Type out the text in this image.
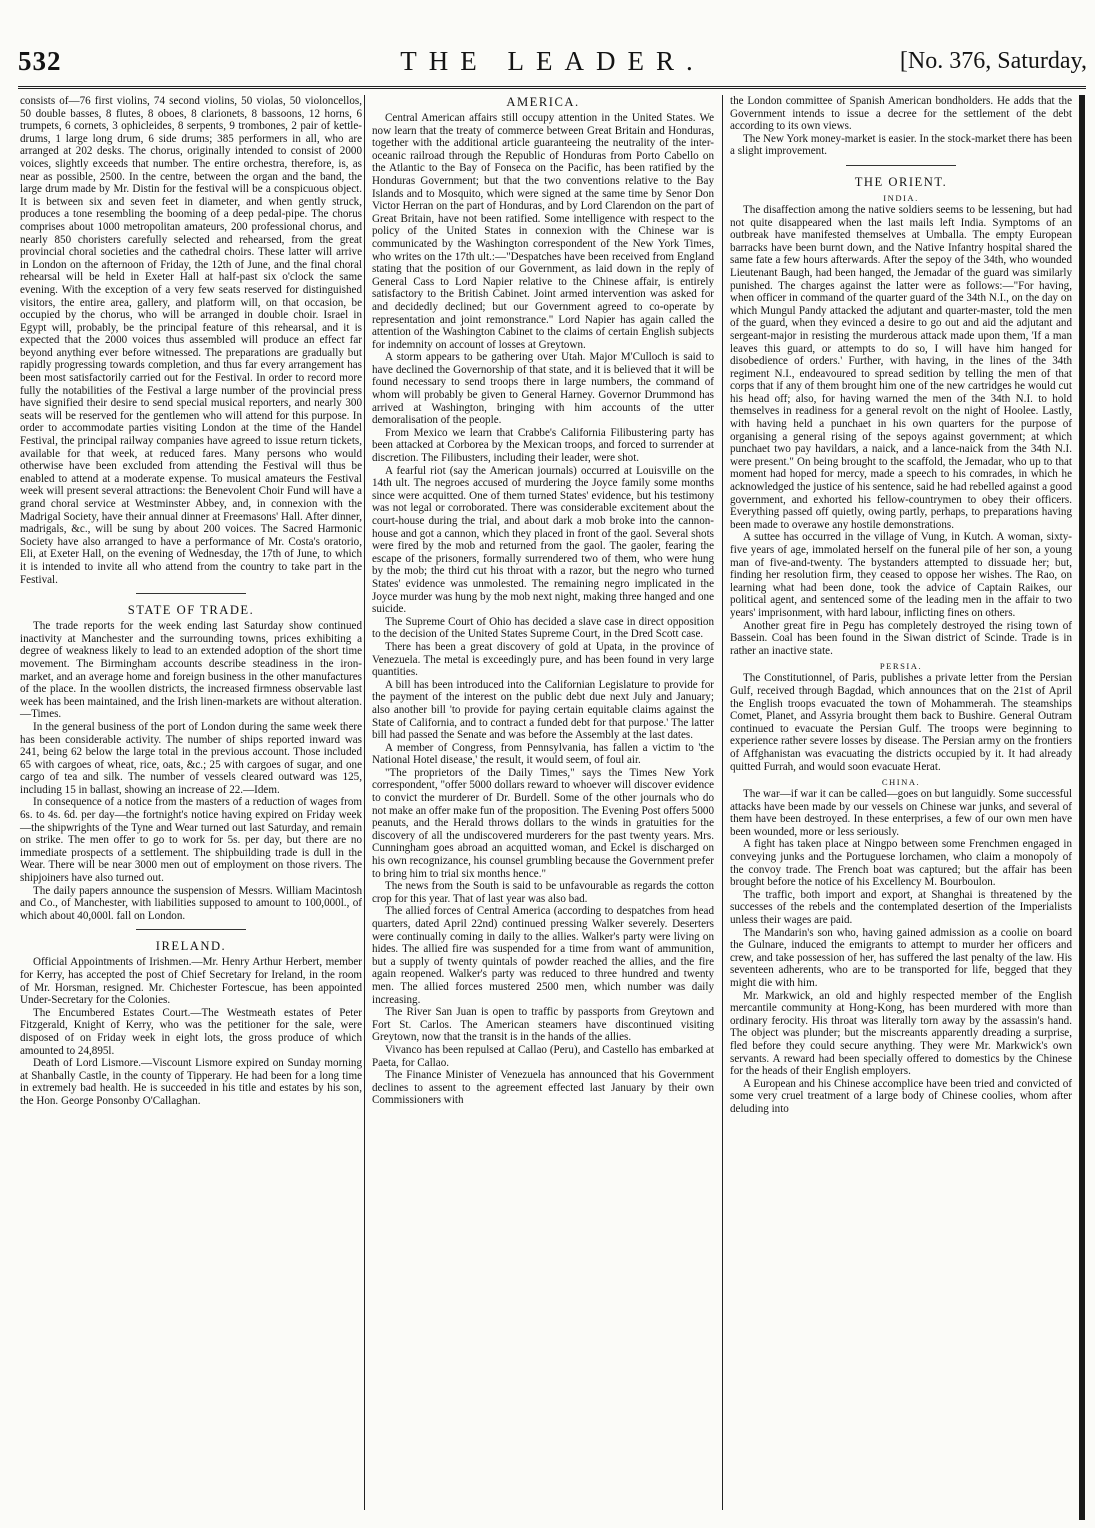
532	THE LEADER.	[No. 376, Saturday,

consists of—76 first violins, 74 second violins, 50 violas, 50 violoncellos, 50 double basses, 8 flutes, 8 oboes, 8 clarionets, 8 bassoons, 12 horns, 6 trumpets, 6 cornets, 3 ophicleides, 8 serpents, 9 trombones, 2 pair of kettle-drums, 1 large long drum, 6 side drums; 385 performers in all, who are arranged at 202 desks. The chorus, originally intended to consist of 2000 voices, slightly exceeds that number. The entire orchestra, therefore, is, as near as possible, 2500. In the centre, between the organ and the band, the large drum made by Mr. Distin for the festival will be a conspicuous object. It is between six and seven feet in diameter, and when gently struck, produces a tone resembling the booming of a deep pedal-pipe. The chorus comprises about 1000 metropolitan amateurs, 200 professional chorus, and nearly 850 choristers carefully selected and rehearsed, from the great provincial choral societies and the cathedral choirs. These latter will arrive in London on the afternoon of Friday, the 12th of June, and the final choral rehearsal will be held in Exeter Hall at half-past six o'clock the same evening. With the exception of a very few seats reserved for distinguished visitors, the entire area, gallery, and platform will, on that occasion, be occupied by the chorus, who will be arranged in double choir. Israel in Egypt will, probably, be the principal feature of this rehearsal, and it is expected that the 2000 voices thus assembled will produce an effect far beyond anything ever before witnessed. The preparations are gradually but rapidly progressing towards completion, and thus far every arrangement has been most satisfactorily carried out for the Festival. In order to record more fully the notabilities of the Festival a large number of the provincial press have signified their desire to send special musical reporters, and nearly 300 seats will be reserved for the gentlemen who will attend for this purpose. In order to accommodate parties visiting London at the time of the Handel Festival, the principal railway companies have agreed to issue return tickets, available for that week, at reduced fares. Many persons who would otherwise have been excluded from attending the Festival will thus be enabled to attend at a moderate expense. To musical amateurs the Festival week will present several attractions: the Benevolent Choir Fund will have a grand choral service at Westminster Abbey, and, in connexion with the Madrigal Society, have their annual dinner at Freemasons' Hall. After dinner, madrigals, &c., will be sung by about 200 voices. The Sacred Harmonic Society have also arranged to have a performance of Mr. Costa's oratorio, Eli, at Exeter Hall, on the evening of Wednesday, the 17th of June, to which it is intended to invite all who attend from the country to take part in the Festival.

STATE OF TRADE.

The trade reports for the week ending last Saturday show continued inactivity at Manchester and the surrounding towns, prices exhibiting a degree of weakness likely to lead to an extended adoption of the short time movement. The Birmingham accounts describe steadiness in the iron-market, and an average home and foreign business in the other manufactures of the place. In the woollen districts, the increased firmness observable last week has been maintained, and the Irish linen-markets are without alteration.—Times.

In the general business of the port of London during the same week there has been considerable activity. The number of ships reported inward was 241, being 62 below the large total in the previous account. Those included 65 with cargoes of wheat, rice, oats, &c.; 25 with cargoes of sugar, and one cargo of tea and silk. The number of vessels cleared outward was 125, including 15 in ballast, showing an increase of 22.—Idem.

In consequence of a notice from the masters of a reduction of wages from 6s. to 4s. 6d. per day—the fortnight's notice having expired on Friday week—the shipwrights of the Tyne and Wear turned out last Saturday, and remain on strike. The men offer to go to work for 5s. per day, but there are no immediate prospects of a settlement. The shipbuilding trade is dull in the Wear. There will be near 3000 men out of employment on those rivers. The shipjoiners have also turned out.

The daily papers announce the suspension of Messrs. William Macintosh and Co., of Manchester, with liabilities supposed to amount to 100,000l., of which about 40,000l. fall on London.

IRELAND.

Official Appointments of Irishmen.—Mr. Henry Arthur Herbert, member for Kerry, has accepted the post of Chief Secretary for Ireland, in the room of Mr. Horsman, resigned. Mr. Chichester Fortescue, has been appointed Under-Secretary for the Colonies.

The Encumbered Estates Court.—The Westmeath estates of Peter Fitzgerald, Knight of Kerry, who was the petitioner for the sale, were disposed of on Friday week in eight lots, the gross produce of which amounted to 24,895l.

Death of Lord Lismore.—Viscount Lismore expired on Sunday morning at Shanbally Castle, in the county of Tipperary. He had been for a long time in extremely bad health. He is succeeded in his title and estates by his son, the Hon. George Ponsonby O'Callaghan.

AMERICA.

Central American affairs still occupy attention in the United States. We now learn that the treaty of commerce between Great Britain and Honduras, together with the additional article guaranteeing the neutrality of the inter-oceanic railroad through the Republic of Honduras from Porto Cabello on the Atlantic to the Bay of Fonseca on the Pacific, has been ratified by the Honduras Government; but that the two conventions relative to the Bay Islands and to Mosquito, which were signed at the same time by Senor Don Victor Herran on the part of Honduras, and by Lord Clarendon on the part of Great Britain, have not been ratified. Some intelligence with respect to the policy of the United States in connexion with the Chinese war is communicated by the Washington correspondent of the New York Times, who writes on the 17th ult.:—"Despatches have been received from England stating that the position of our Government, as laid down in the reply of General Cass to Lord Napier relative to the Chinese affair, is entirely satisfactory to the British Cabinet. Joint armed intervention was asked for and decidedly declined; but our Government agreed to co-operate by representation and joint remonstrance." Lord Napier has again called the attention of the Washington Cabinet to the claims of certain English subjects for indemnity on account of losses at Greytown.

A storm appears to be gathering over Utah. Major M'Culloch is said to have declined the Governorship of that state, and it is believed that it will be found necessary to send troops there in large numbers, the command of whom will probably be given to General Harney. Governor Drummond has arrived at Washington, bringing with him accounts of the utter demoralisation of the people.

From Mexico we learn that Crabbe's California Filibustering party has been attacked at Corborea by the Mexican troops, and forced to surrender at discretion. The Filibusters, including their leader, were shot.

A fearful riot (say the American journals) occurred at Louisville on the 14th ult. The negroes accused of murdering the Joyce family some months since were acquitted. One of them turned States' evidence, but his testimony was not legal or corroborated. There was considerable excitement about the court-house during the trial, and about dark a mob broke into the cannon-house and got a cannon, which they placed in front of the gaol. Several shots were fired by the mob and returned from the gaol. The gaoler, fearing the escape of the prisoners, formally surrendered two of them, who were hung by the mob; the third cut his throat with a razor, but the negro who turned States' evidence was unmolested. The remaining negro implicated in the Joyce murder was hung by the mob next night, making three hanged and one suicide.

The Supreme Court of Ohio has decided a slave case in direct opposition to the decision of the United States Supreme Court, in the Dred Scott case.

There has been a great discovery of gold at Upata, in the province of Venezuela. The metal is exceedingly pure, and has been found in very large quantities.

A bill has been introduced into the Californian Legislature to provide for the payment of the interest on the public debt due next July and January; also another bill 'to provide for paying certain equitable claims against the State of California, and to contract a funded debt for that purpose.' The latter bill had passed the Senate and was before the Assembly at the last dates.

A member of Congress, from Pennsylvania, has fallen a victim to 'the National Hotel disease,' the result, it would seem, of foul air.

"The proprietors of the Daily Times," says the Times New York correspondent, "offer 5000 dollars reward to whoever will discover evidence to convict the murderer of Dr. Burdell. Some of the other journals who do not make an offer make fun of the proposition. The Evening Post offers 5000 peanuts, and the Herald throws dollars to the winds in gratuities for the discovery of all the undiscovered murderers for the past twenty years. Mrs. Cunningham goes abroad an acquitted woman, and Eckel is discharged on his own recognizance, his counsel grumbling because the Government prefer to bring him to trial six months hence."

The news from the South is said to be unfavourable as regards the cotton crop for this year. That of last year was also bad.

The allied forces of Central America (according to despatches from head quarters, dated April 22nd) continued pressing Walker severely. Deserters were continually coming in daily to the allies. Walker's party were living on hides. The allied fire was suspended for a time from want of ammunition, but a supply of twenty quintals of powder reached the allies, and the fire again reopened. Walker's party was reduced to three hundred and twenty men. The allied forces mustered 2500 men, which number was daily increasing.

The River San Juan is open to traffic by passports from Greytown and Fort St. Carlos. The American steamers have discontinued visiting Greytown, now that the transit is in the hands of the allies.

Vivanco has been repulsed at Callao (Peru), and Castello has embarked at Paeta, for Callao.

The Finance Minister of Venezuela has announced that his Government declines to assent to the agreement effected last January by their own Commissioners with

the London committee of Spanish American bondholders. He adds that the Government intends to issue a decree for the settlement of the debt according to its own views.

The New York money-market is easier. In the stock-market there has been a slight improvement.

THE ORIENT.
INDIA.

The disaffection among the native soldiers seems to be lessening, but had not quite disappeared when the last mails left India. Symptoms of an outbreak have manifested themselves at Umballa. The empty European barracks have been burnt down, and the Native Infantry hospital shared the same fate a few hours afterwards. After the sepoy of the 34th, who wounded Lieutenant Baugh, had been hanged, the Jemadar of the guard was similarly punished. The charges against the latter were as follows:—"For having, when officer in command of the quarter guard of the 34th N.I., on the day on which Mungul Pandy attacked the adjutant and quarter-master, told the men of the guard, when they evinced a desire to go out and aid the adjutant and sergeant-major in resisting the murderous attack made upon them, 'If a man leaves this guard, or attempts to do so, I will have him hanged for disobedience of orders.' Further, with having, in the lines of the 34th regiment N.I., endeavoured to spread sedition by telling the men of that corps that if any of them brought him one of the new cartridges he would cut his head off; also, for having warned the men of the 34th N.I. to hold themselves in readiness for a general revolt on the night of Hoolee. Lastly, with having held a punchaet in his own quarters for the purpose of organising a general rising of the sepoys against government; at which punchaet two pay havildars, a naick, and a lance-naick from the 34th N.I. were present." On being brought to the scaffold, the Jemadar, who up to that moment had hoped for mercy, made a speech to his comrades, in which he acknowledged the justice of his sentence, said he had rebelled against a good government, and exhorted his fellow-countrymen to obey their officers. Everything passed off quietly, owing partly, perhaps, to preparations having been made to overawe any hostile demonstrations.

A suttee has occurred in the village of Vung, in Kutch. A woman, sixty-five years of age, immolated herself on the funeral pile of her son, a young man of five-and-twenty. The bystanders attempted to dissuade her; but, finding her resolution firm, they ceased to oppose her wishes. The Rao, on learning what had been done, took the advice of Captain Raikes, our political agent, and sentenced some of the leading men in the affair to two years' imprisonment, with hard labour, inflicting fines on others.

Another great fire in Pegu has completely destroyed the rising town of Bassein. Coal has been found in the Siwan district of Scinde. Trade is in rather an inactive state.

PERSIA.

The Constitutionnel, of Paris, publishes a private letter from the Persian Gulf, received through Bagdad, which announces that on the 21st of April the English troops evacuated the town of Mohammerah. The steamships Comet, Planet, and Assyria brought them back to Bushire. General Outram continued to evacuate the Persian Gulf. The troops were beginning to experience rather severe losses by disease. The Persian army on the frontiers of Affghanistan was evacuating the districts occupied by it. It had already quitted Furrah, and would soon evacuate Herat.

CHINA.

The war—if war it can be called—goes on but languidly. Some successful attacks have been made by our vessels on Chinese war junks, and several of them have been destroyed. In these enterprises, a few of our own men have been wounded, more or less seriously.

A fight has taken place at Ningpo between some Frenchmen engaged in conveying junks and the Portuguese lorchamen, who claim a monopoly of the convoy trade. The French boat was captured; but the affair has been brought before the notice of his Excellency M. Bourboulon.

The traffic, both import and export, at Shanghai is threatened by the successes of the rebels and the contemplated desertion of the Imperialists unless their wages are paid.

The Mandarin's son who, having gained admission as a coolie on board the Gulnare, induced the emigrants to attempt to murder her officers and crew, and take possession of her, has suffered the last penalty of the law. His seventeen adherents, who are to be transported for life, begged that they might die with him.

Mr. Markwick, an old and highly respected member of the English mercantile community at Hong-Kong, has been murdered with more than ordinary ferocity. His throat was literally torn away by the assassin's hand. The object was plunder; but the miscreants apparently dreading a surprise, fled before they could secure anything. They were Mr. Markwick's own servants. A reward had been specially offered to domestics by the Chinese for the heads of their English employers.

A European and his Chinese accomplice have been tried and convicted of some very cruel treatment of a large body of Chinese coolies, whom after deluding into
